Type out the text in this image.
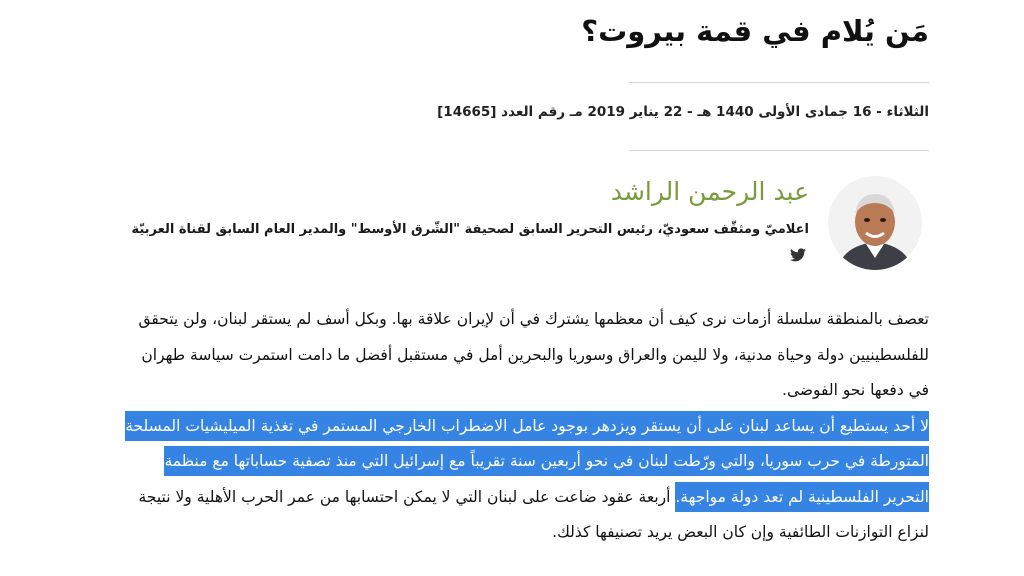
مَن يُلام في قمة بيروت؟
الثلاثاء - 16 جمادى الأولى 1440 هـ - 22 يناير 2019 مـ رقم العدد [14665]
عبد الرحمن الراشد
اعلاميّ ومثقّف سعوديّ، رئيس التحرير السابق لصحيفة "الشّرق الأوسط" والمدير العام السابق لقناة العربيّة

تعصف بالمنطقة سلسلة أزمات نرى كيف أن معظمها يشترك في أن لإيران علاقة بها. وبكل أسف لم يستقر لبنان، ولن يتحقق
للفلسطينيين دولة وحياة مدنية، ولا لليمن والعراق وسوريا والبحرين أمل في مستقبل أفضل ما دامت استمرت سياسة طهران
في دفعها نحو الفوضى.

لا أحد يستطيع أن يساعد لبنان على أن يستقر ويزدهر بوجود عامل الاضطراب الخارجي المستمر في تغذية الميليشيات المسلحة
المتورطة في حرب سوريا، والتي ورّطت لبنان في نحو أربعين سنة تقريباً مع إسرائيل التي منذ تصفية حساباتها مع منظمة
التحرير الفلسطينية لم تعد دولة مواجهة. أربعة عقود ضاعت على لبنان التي لا يمكن احتسابها من عمر الحرب الأهلية ولا نتيجة
لنزاع التوازنات الطائفية وإن كان البعض يريد تصنيفها كذلك.
